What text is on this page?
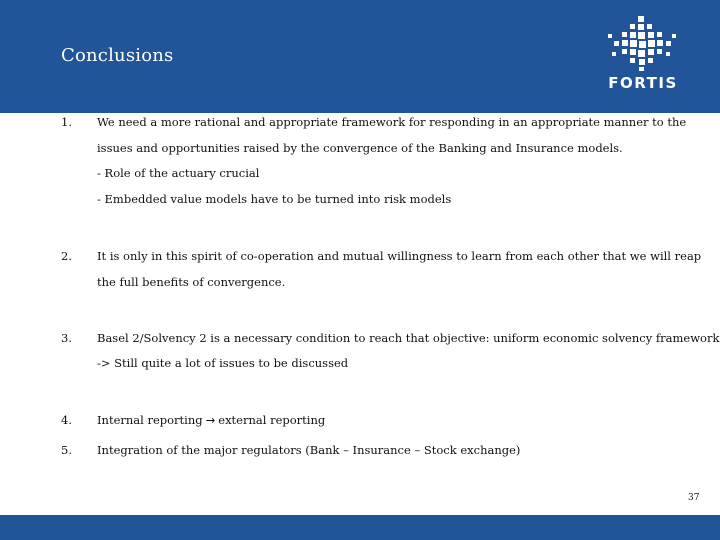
Conclusions
FORTIS
1. We need a more rational and appropriate framework for responding in an appropriate manner to the
issues and opportunities raised by the convergence of the Banking and Insurance models.
- Role of the actuary crucial
- Embedded value models have to be turned into risk models
2. It is only in this spirit of co-operation and mutual willingness to learn from each other that we will reap
the full benefits of convergence.
3. Basel 2/Solvency 2 is a necessary condition to reach that objective: uniform economic solvency framework
-> Still quite a lot of issues to be discussed
4. Internal reporting → external reporting
5. Integration of the major regulators (Bank – Insurance – Stock exchange)
37
